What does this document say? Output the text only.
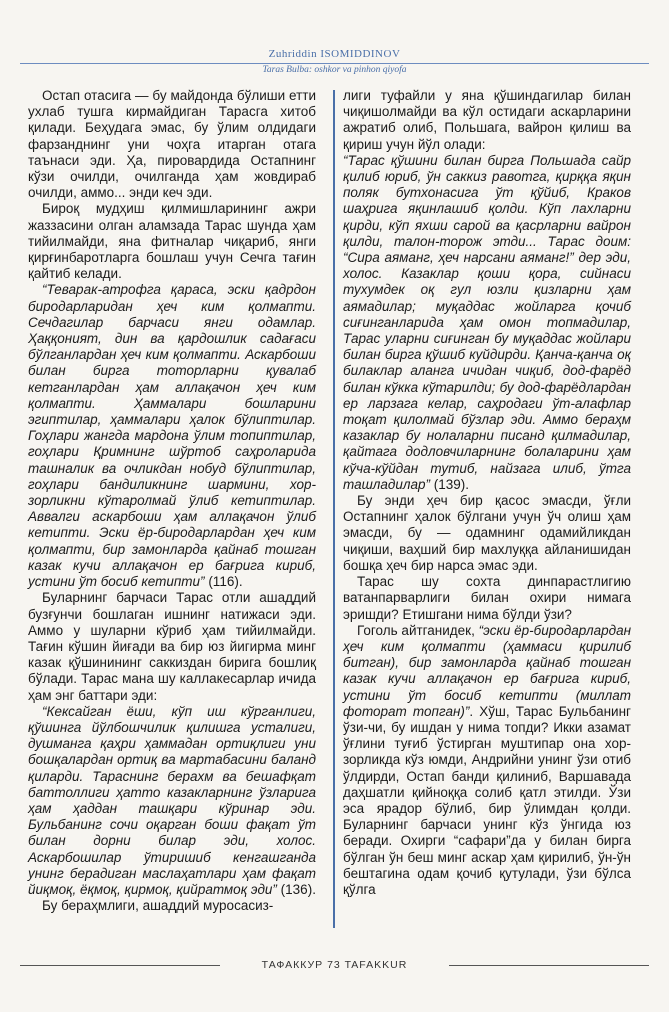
Zuhriddin ISOMIDDINOV
Taras Bulba: oshkor va pinhon qiyofa

Остап отасига — бу майдонда бўлиши етти ухлаб тушга кирмайдиган Тарасга хитоб қилади. Беҳудага эмас, бу ўлим олдидаги фарзанднинг уни чоҳга итарган отага таънаси эди. Ҳа, пировардида Остапнинг кўзи очилди, очилганда ҳам жовдираб очилди, аммо... энди кеч эди.

Бироқ мудҳиш қилмишларининг ажри жаззасини олган аламзада Тарас шунда ҳам тийилмайди, яна фитналар чиқариб, янги қирғинбаротларга бошлаш учун Сечга тағин қайтиб келади.

“Теварак-атрофга қараса, эски қадрдон биродарларидан ҳеч ким қолмапти. Сечдагилар барчаси янги одамлар. Ҳаққоният, дин ва қардошлик садағаси бўлганлардан ҳеч ким қолмапти. Аскарбоши билан бирга тоторларни қувалаб кетганлардан ҳам аллақачон ҳеч ким қолмапти. Ҳаммалари бошларини эгиптилар, ҳаммалари ҳалок бўлиптилар. Гоҳлари жангда мардона ўлим топиптилар, гоҳлари Қримнинг шўртоб саҳроларида ташналик ва очликдан нобуд бўлиптилар, гоҳлари бандиликнинг шармини, хор-зорликни кўтаролмай ўлиб кетиптилар. Аввалги аскарбоши ҳам аллақачон ўлиб кетипти. Эски ёр-биродарлардан ҳеч ким қолмапти, бир замонларда қайнаб тошган казак кучи аллақачон ер бағрига кириб, устини ўт босиб кетипти” (116).

Буларнинг барчаси Тарас отли ашаддий бузғунчи бошлаган ишнинг натижаси эди. Аммо у шуларни кўриб ҳам тийилмайди. Тағин кўшин йиғади ва бир юз йигирма минг казак қўшинининг саккиздан бирига бошлиқ бўлади. Тарас мана шу каллакесарлар ичида ҳам энг баттари эди:

“Кексайган ёши, кўп иш кўрганлиги, қўшинга йўлбошчилик қилишга усталиги, душманга қаҳри ҳаммадан ортиқлиги уни бошқалардан ортиқ ва мартабасини баланд қиларди. Тараснинг берахм ва бешафқат баттоллиги ҳатто казакларнинг ўзларига ҳам ҳаддан ташқари кўринар эди. Бульбанинг сочи оқарган боши фақат ўт билан дорни билар эди, холос. Аскарбошилар ўтиришиб кенгашганда унинг берадиган маслаҳатлари ҳам фақат йиқмоқ, ёқмоқ, қирмоқ, қийратмоқ эди” (136).

Бу бераҳмлиги, ашаддий муросасиз-

лиги туфайли у яна қўшиндагилар билан чиқишолмайди ва кўл остидаги аскарларини ажратиб олиб, Польшага, вайрон қилиш ва қириш учун йўл олади:

“Тарас қўшини билан бирга Польшада сайр қилиб юриб, ўн саккиз равотга, қирққа яқин поляк бутхонасига ўт қўйиб, Краков шаҳрига яқинлашиб қолди. Кўп лахларни қирди, кўп яхши сарой ва қасрларни вайрон қилди, талон-торож этди... Тарас доим: “Сира аяманг, ҳеч нарсани аяманг!” дер эди, холос. Казаклар қоши қора, сийнаси тухумдек оқ гул юзли қизларни ҳам аямадилар; муқаддас жойларга қочиб сиғинганларида ҳам омон топмадилар, Тарас уларни сиғинган бу муқаддас жойлари билан бирга қўшиб куйдирди. Қанча-қанча оқ билаклар аланга ичидан чиқиб, дод-фарёд билан кўкка кўтарилди; бу дод-фарёдлардан ер ларзага келар, саҳродаги ўт-алафлар тоқат қилолмай бўзлар эди. Аммо бераҳм казаклар бу нолаларни писанд қилмадилар, қайтага додловчиларнинг болаларини ҳам кўча-кўйдан тутиб, найзага илиб, ўтга ташладилар” (139).

Бу энди ҳеч бир қасос эмасди, ўғли Остапнинг ҳалок бўлгани учун ўч олиш ҳам эмасди, бу — одамнинг одамийликдан чиқиши, ваҳший бир махлуққа айланишидан бошқа ҳеч бир нарса эмас эди.

Тарас шу сохта динпарастлигию ватанпарварлиги билан охири нимага эришди? Етишгани нима бўлди ўзи?

Гоголь айтганидек, “эски ёр-биродарлардан ҳеч ким қолмапти (ҳаммаси қирилиб битган), бир замонларда қайнаб тошган казак кучи аллақачон ер бағрига кириб, устини ўт босиб кетипти (миллат фоторат топган)”. Хўш, Тарас Бульбанинг ўзи-чи, бу ишдан у нима топди? Икки азамат ўғлини туғиб ўстирган муштипар она хор-зорликда кўз юмди, Андрийни унинг ўзи отиб ўлдирди, Остап банди қилиниб, Варшавада даҳшатли қийноққа солиб қатл этилди. Ўзи эса ярадор бўлиб, бир ўлимдан қолди. Буларнинг барчаси унинг кўз ўнгида юз беради. Охирги “сафари”да у билан бирга бўлган ўн беш минг аскар ҳам қирилиб, ўн-ўн бештагина одам қочиб қутулади, ўзи бўлса қўлга

ТАФАККУР 73 TAFAKKUR
